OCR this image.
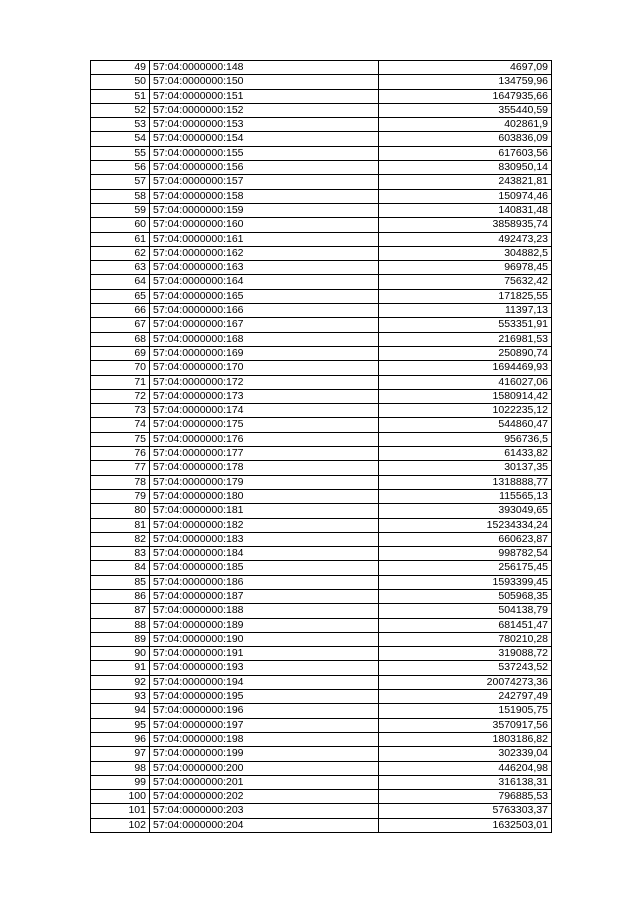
49	57:04:0000000:148	4697,09
50	57:04:0000000:150	134759,96
51	57:04:0000000:151	1647935,66
52	57:04:0000000:152	355440,59
53	57:04:0000000:153	402861,9
54	57:04:0000000:154	603836,09
55	57:04:0000000:155	617603,56
56	57:04:0000000:156	830950,14
57	57:04:0000000:157	243821,81
58	57:04:0000000:158	150974,46
59	57:04:0000000:159	140831,48
60	57:04:0000000:160	3858935,74
61	57:04:0000000:161	492473,23
62	57:04:0000000:162	304882,5
63	57:04:0000000:163	96978,45
64	57:04:0000000:164	75632,42
65	57:04:0000000:165	171825,55
66	57:04:0000000:166	11397,13
67	57:04:0000000:167	553351,91
68	57:04:0000000:168	216981,53
69	57:04:0000000:169	250890,74
70	57:04:0000000:170	1694469,93
71	57:04:0000000:172	416027,06
72	57:04:0000000:173	1580914,42
73	57:04:0000000:174	1022235,12
74	57:04:0000000:175	544860,47
75	57:04:0000000:176	956736,5
76	57:04:0000000:177	61433,82
77	57:04:0000000:178	30137,35
78	57:04:0000000:179	1318888,77
79	57:04:0000000:180	115565,13
80	57:04:0000000:181	393049,65
81	57:04:0000000:182	15234334,24
82	57:04:0000000:183	660623,87
83	57:04:0000000:184	998782,54
84	57:04:0000000:185	256175,45
85	57:04:0000000:186	1593399,45
86	57:04:0000000:187	505968,35
87	57:04:0000000:188	504138,79
88	57:04:0000000:189	681451,47
89	57:04:0000000:190	780210,28
90	57:04:0000000:191	319088,72
91	57:04:0000000:193	537243,52
92	57:04:0000000:194	20074273,36
93	57:04:0000000:195	242797,49
94	57:04:0000000:196	151905,75
95	57:04:0000000:197	3570917,56
96	57:04:0000000:198	1803186,82
97	57:04:0000000:199	302339,04
98	57:04:0000000:200	446204,98
99	57:04:0000000:201	316138,31
100	57:04:0000000:202	796885,53
101	57:04:0000000:203	5763303,37
102	57:04:0000000:204	1632503,01
